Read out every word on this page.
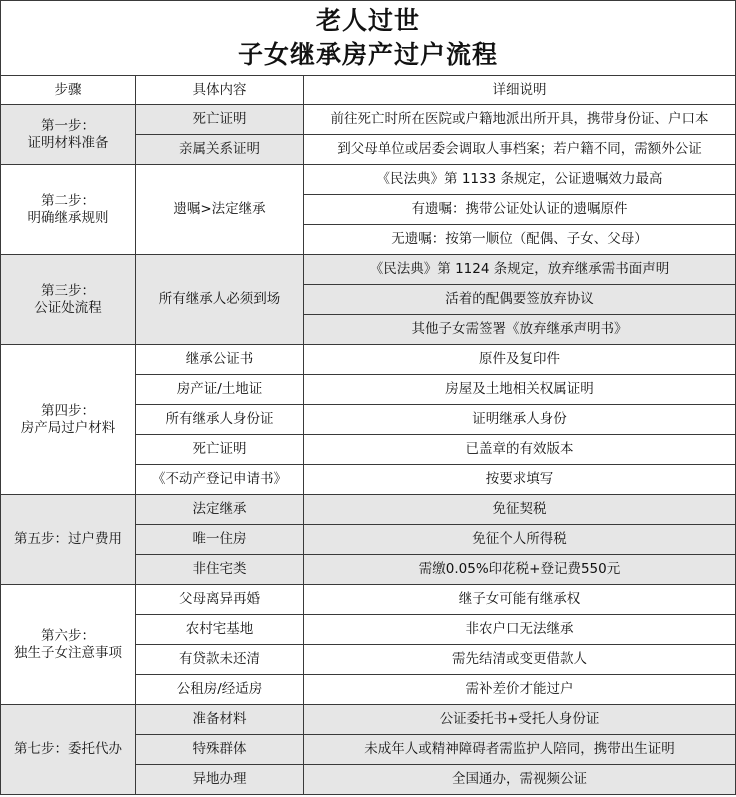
老人过世
子女继承房产过户流程		

步骤	具体内容	详细说明

第一步：
证明材料准备	死亡证明	前往死亡时所在医院或户籍地派出所开具，携带身份证、户口本
	亲属关系证明	到父母单位或居委会调取人事档案；若户籍不同，需额外公证

第二步：
明确继承规则	遗嘱>法定继承	《民法典》第 1133 条规定，公证遗嘱效力最高
		有遗嘱：携带公证处认证的遗嘱原件
		无遗嘱：按第一顺位（配偶、子女、父母）

第三步：
公证处流程	所有继承人必须到场	《民法典》第 1124 条规定，放弃继承需书面声明
		活着的配偶要签放弃协议
		其他子女需签署《放弃继承声明书》

第四步：
房产局过户材料	继承公证书	原件及复印件
	房产证/土地证	房屋及土地相关权属证明
	所有继承人身份证	证明继承人身份
	死亡证明	已盖章的有效版本
	《不动产登记申请书》	按要求填写

第五步：过户费用	法定继承	免征契税
	唯一住房	免征个人所得税
	非住宅类	需缴0.05%印花税+登记费550元

第六步：
独生子女注意事项	父母离异再婚	继子女可能有继承权
	农村宅基地	非农户口无法继承
	有贷款未还清	需先结清或变更借款人
	公租房/经适房	需补差价才能过户

第七步：委托代办	准备材料	公证委托书+受托人身份证
	特殊群体	未成年人或精神障碍者需监护人陪同，携带出生证明
	异地办理	全国通办，需视频公证
